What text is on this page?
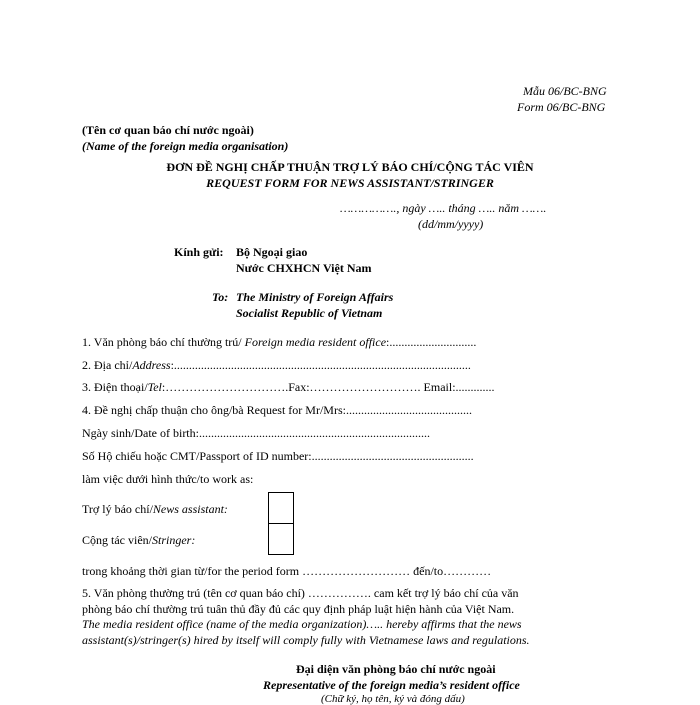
Mẫu 06/BC-BNG
Form 06/BC-BNG
(Tên cơ quan báo chí nước ngoài)
(Name of the foreign media organisation)
ĐƠN ĐỀ NGHỊ CHẤP THUẬN TRỢ LÝ BÁO CHÍ/CỘNG TÁC VIÊN
REQUEST FORM FOR NEWS ASSISTANT/STRINGER
……………., ngày ….. tháng ….. năm …….
(dd/mm/yyyy)
Kính gửi: Bộ Ngoại giao
Nước CHXHCN Việt Nam
To: The Ministry of Foreign Affairs
Socialist Republic of Vietnam
1. Văn phòng báo chí thường trú/ Foreign media resident office:.............................
2. Địa chỉ/Address:...................................................................................................
3. Điện thoại/Tel:………………………….Fax:………………………. Email:.............
4. Đề nghị chấp thuận cho ông/bà Request for Mr/Mrs:..........................................
Ngày sinh/Date of birth:.............................................................................
Số Hộ chiếu hoặc CMT/Passport of ID number:......................................................
làm việc dưới hình thức/to work as:
Trợ lý báo chí/News assistant:
Cộng tác viên/Stringer:
trong khoảng thời gian từ/for the period form ……………………… đến/to…………
5. Văn phòng thường trú (tên cơ quan báo chí) ……………. cam kết trợ lý báo chí của văn
phòng báo chí thường trú tuân thủ đầy đủ các quy định pháp luật hiện hành của Việt Nam.
The media resident office (name of the media organization)….. hereby affirms that the news
assistant(s)/stringer(s) hired by itself will comply fully with Vietnamese laws and regulations.
Đại diện văn phòng báo chí nước ngoài
Representative of the foreign media’s resident office
(Chữ ký, họ tên, ký và đóng dấu)
